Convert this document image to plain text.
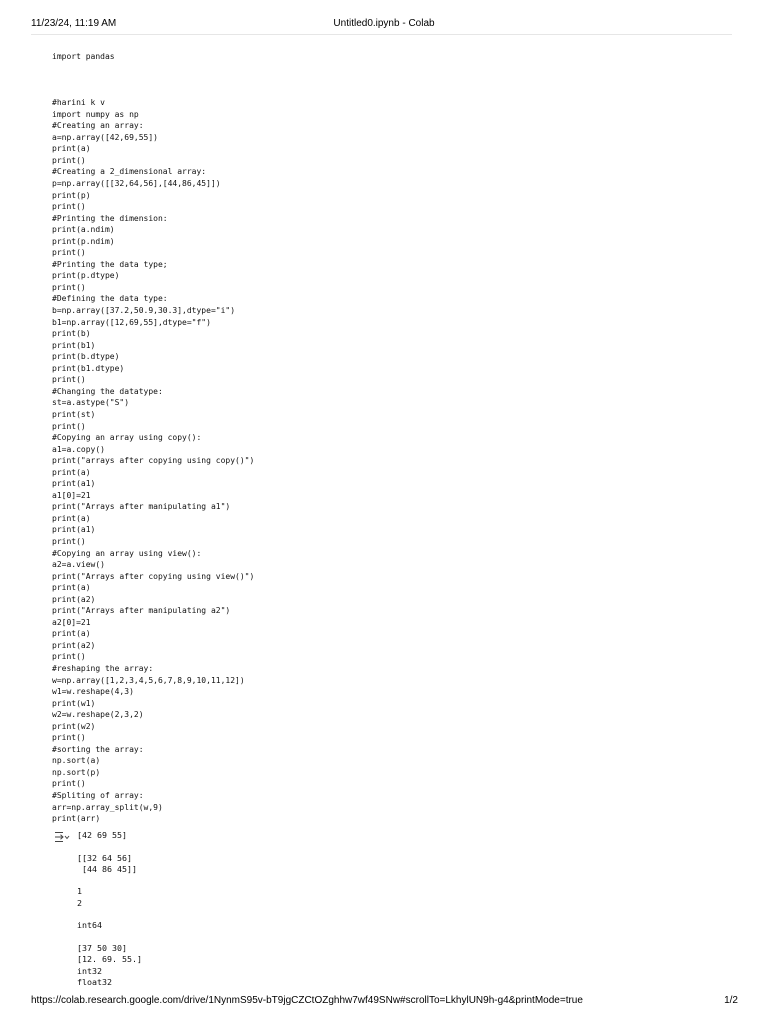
11/23/24, 11:19 AM	Untitled0.ipynb - Colab
import pandas
#harini k v
import numpy as np
#Creating an array:
a=np.array([42,69,55])
print(a)
print()
#Creating a 2_dimensional array:
p=np.array([[32,64,56],[44,86,45]])
print(p)
print()
#Printing the dimension:
print(a.ndim)
print(p.ndim)
print()
#Printing the data type;
print(p.dtype)
print()
#Defining the data type:
b=np.array([37.2,50.9,30.3],dtype="i")
b1=np.array([12,69,55],dtype="f")
print(b)
print(b1)
print(b.dtype)
print(b1.dtype)
print()
#Changing the datatype:
st=a.astype("S")
print(st)
print()
#Copying an array using copy():
a1=a.copy()
print("arrays after copying using copy()")
print(a)
print(a1)
a1[0]=21
print("Arrays after manipulating a1")
print(a)
print(a1)
print()
#Copying an array using view():
a2=a.view()
print("Arrays after copying using view()")
print(a)
print(a2)
print("Arrays after manipulating a2")
a2[0]=21
print(a)
print(a2)
print()
#reshaping the array:
w=np.array([1,2,3,4,5,6,7,8,9,10,11,12])
w1=w.reshape(4,3)
print(w1)
w2=w.reshape(2,3,2)
print(w2)
print()
#sorting the array:
np.sort(a)
np.sort(p)
print()
#Spliting of array:
arr=np.array_split(w,9)
print(arr)
[42 69 55]
[[32 64 56]
[44 86 45]]
1
2
int64
[37 50 30]
[12. 69. 55.]
int32
float32
https://colab.research.google.com/drive/1NynmS95v-bT9jgCZCtOZghhw7wf49SNw#scrollTo=LkhylUN9h-g4&printMode=true	1/2
